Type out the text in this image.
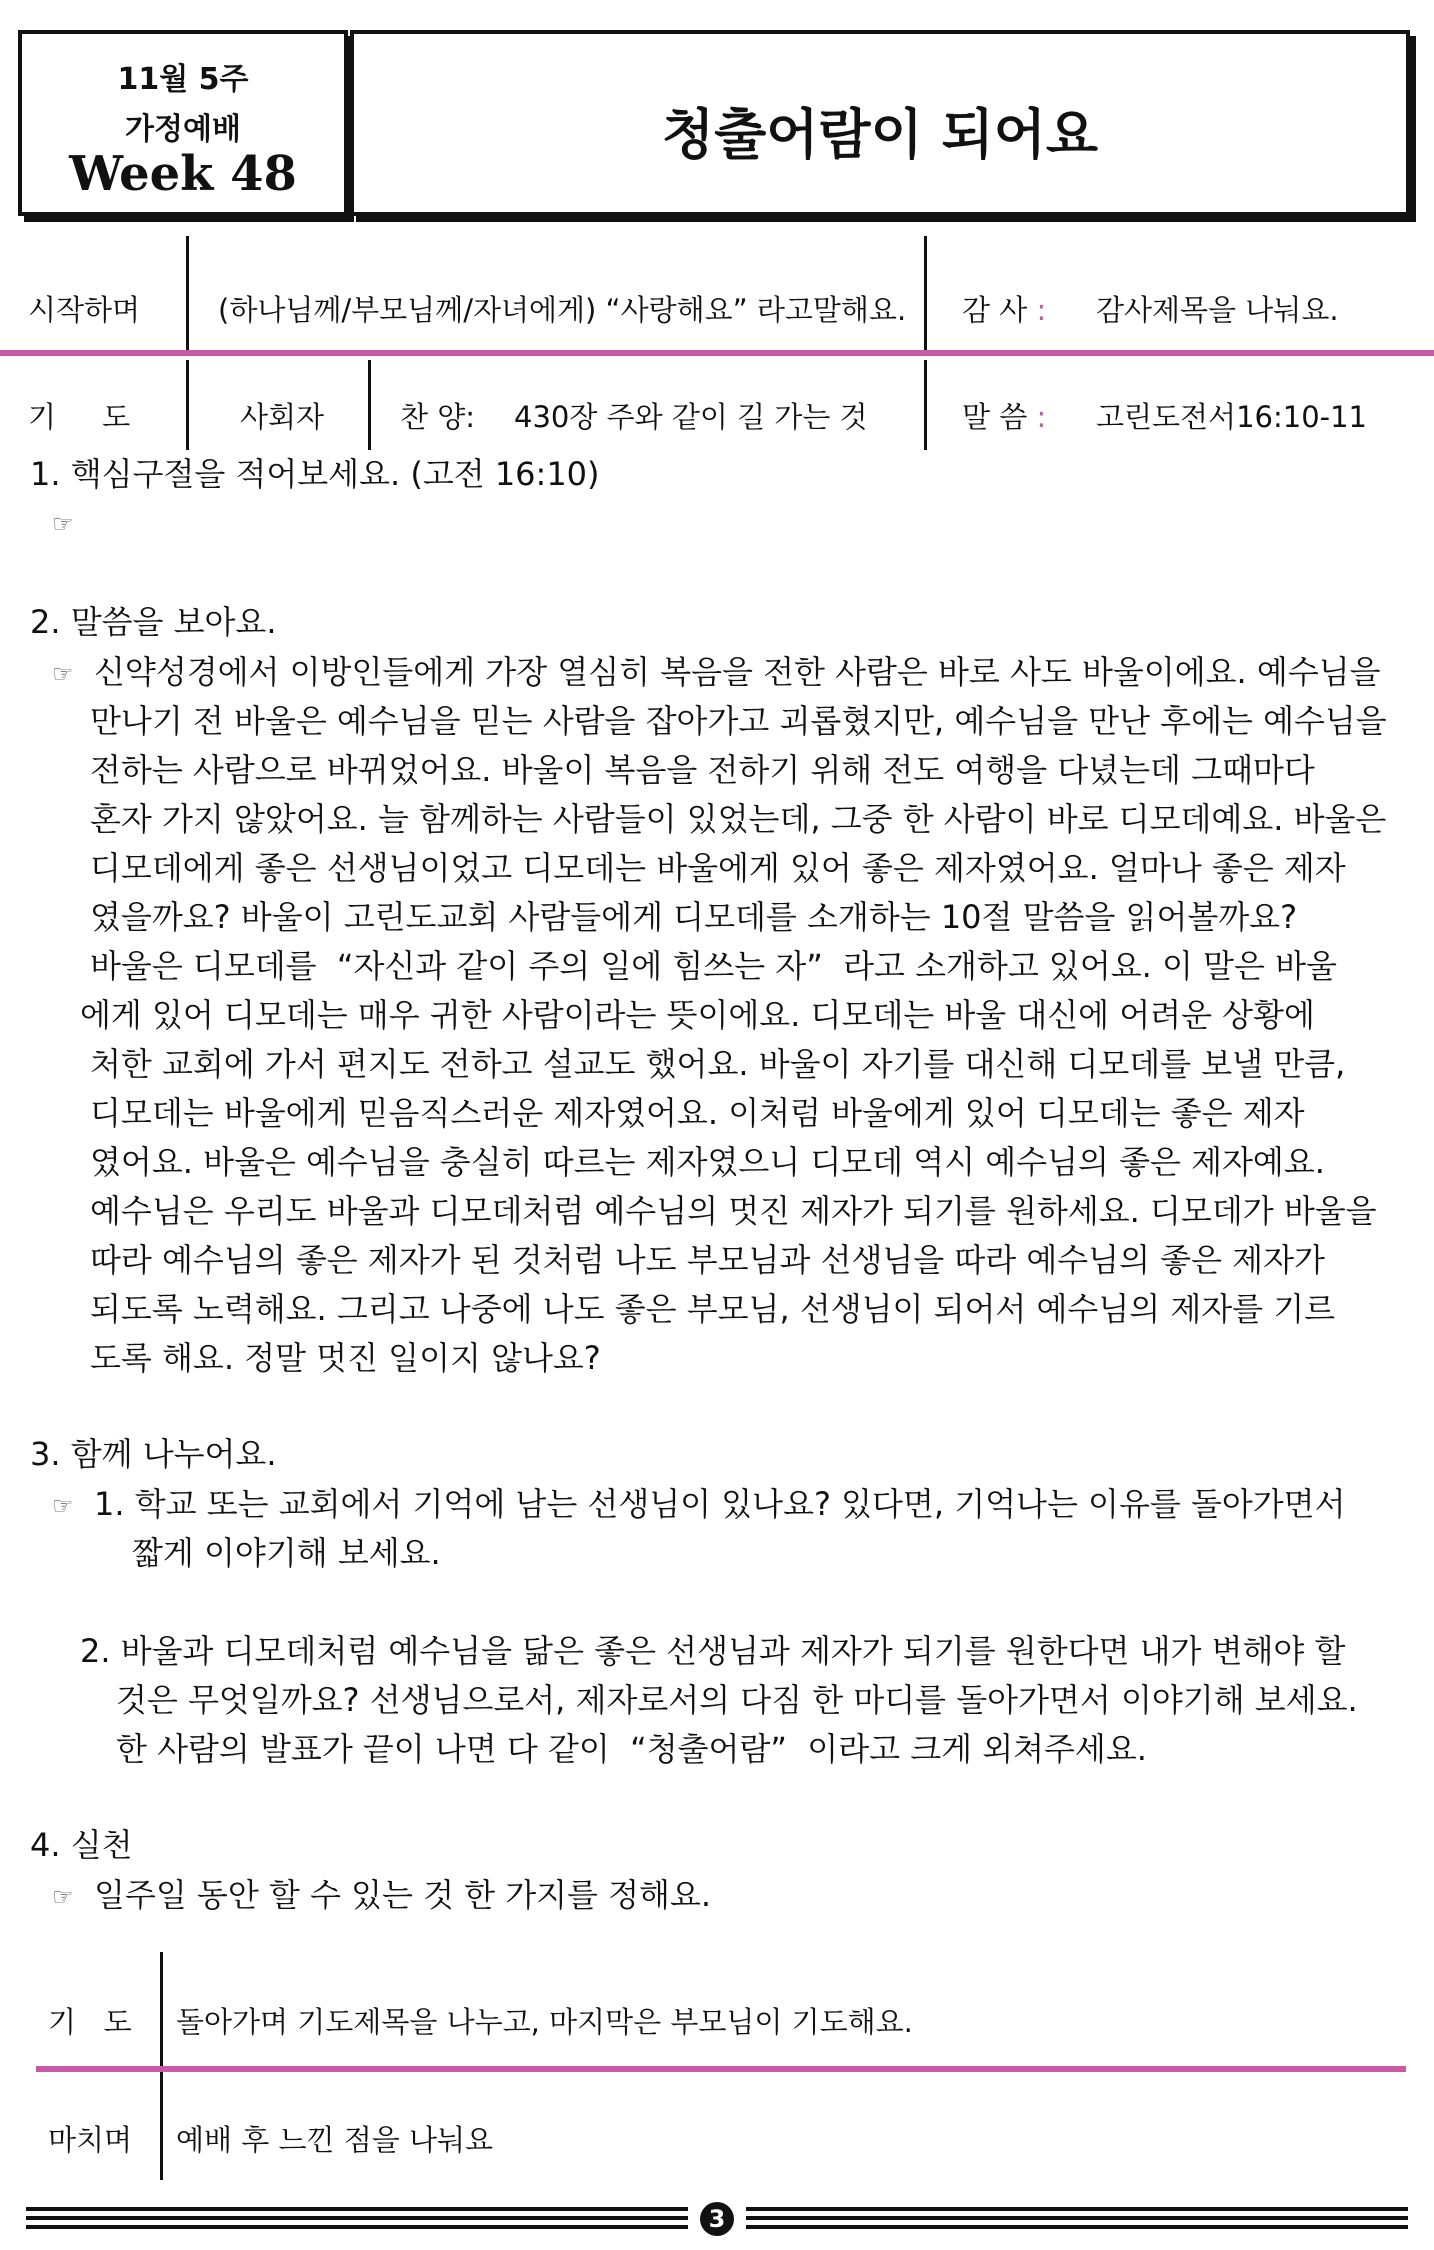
11월 5주
가정예배
Week 48
청출어람이 되어요
시작하며	(하나님께/부모님께/자녀에게) “사랑해요” 라고말해요. 감 사 : 감사제목을 나눠요.
기     도	사회자	찬 양: 430장 주와 같이 길 가는 것	말 씀 : 고린도전서16:10-11
1. 핵심구절을 적어보세요. (고전 16:10)
☞
2. 말씀을 보아요.
☞ 신약성경에서 이방인들에게 가장 열심히 복음을 전한 사람은 바로 사도 바울이에요. 예수님을
만나기 전 바울은 예수님을 믿는 사람을 잡아가고 괴롭혔지만, 예수님을 만난 후에는 예수님을
전하는 사람으로 바뀌었어요. 바울이 복음을 전하기 위해 전도 여행을 다녔는데 그때마다
혼자 가지 않았어요. 늘 함께하는 사람들이 있었는데, 그중 한 사람이 바로 디모데예요. 바울은
디모데에게 좋은 선생님이었고 디모데는 바울에게 있어 좋은 제자였어요. 얼마나 좋은 제자
였을까요? 바울이 고린도교회 사람들에게 디모데를 소개하는 10절 말씀을 읽어볼까요?
바울은 디모데를  “자신과 같이 주의 일에 힘쓰는 자”  라고 소개하고 있어요. 이 말은 바울
에게 있어 디모데는 매우 귀한 사람이라는 뜻이에요. 디모데는 바울 대신에 어려운 상황에
처한 교회에 가서 편지도 전하고 설교도 했어요. 바울이 자기를 대신해 디모데를 보낼 만큼,
디모데는 바울에게 믿음직스러운 제자였어요. 이처럼 바울에게 있어 디모데는 좋은 제자
였어요. 바울은 예수님을 충실히 따르는 제자였으니 디모데 역시 예수님의 좋은 제자예요.
예수님은 우리도 바울과 디모데처럼 예수님의 멋진 제자가 되기를 원하세요. 디모데가 바울을
따라 예수님의 좋은 제자가 된 것처럼 나도 부모님과 선생님을 따라 예수님의 좋은 제자가
되도록 노력해요. 그리고 나중에 나도 좋은 부모님, 선생님이 되어서 예수님의 제자를 기르
도록 해요. 정말 멋진 일이지 않나요?
3. 함께 나누어요.
☞ 1. 학교 또는 교회에서 기억에 남는 선생님이 있나요? 있다면, 기억나는 이유를 돌아가면서
짧게 이야기해 보세요.
2. 바울과 디모데처럼 예수님을 닮은 좋은 선생님과 제자가 되기를 원한다면 내가 변해야 할
것은 무엇일까요? 선생님으로서, 제자로서의 다짐 한 마디를 돌아가면서 이야기해 보세요.
한 사람의 발표가 끝이 나면 다 같이  “청출어람”  이라고 크게 외쳐주세요.
4. 실천
☞ 일주일 동안 할 수 있는 것 한 가지를 정해요.
기   도 돌아가며 기도제목을 나누고, 마지막은 부모님이 기도해요.
마치며 예배 후 느낀 점을 나눠요
3
